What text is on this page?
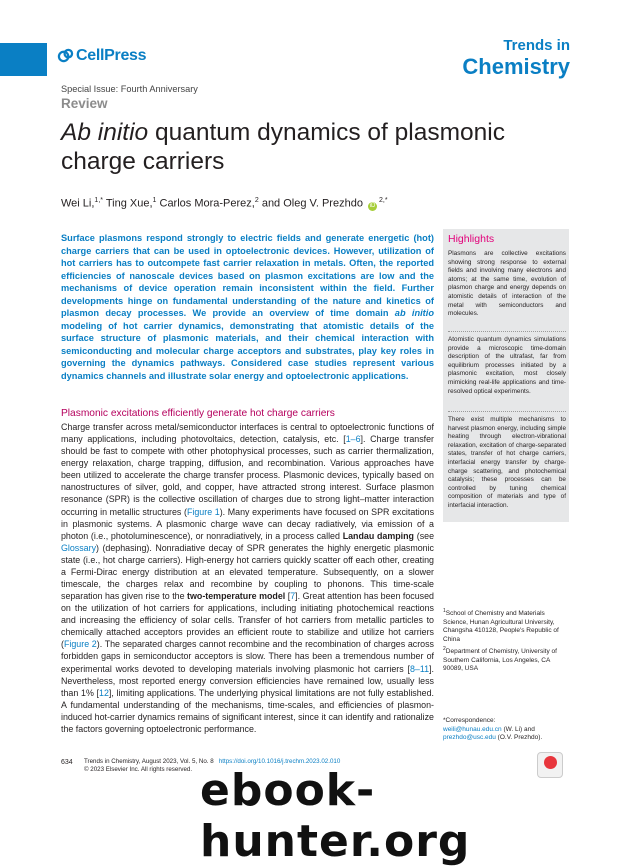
CellPress
Trends in
Chemistry
Special Issue: Fourth Anniversary
Review
Ab initio quantum dynamics of plasmonic charge carriers
Wei Li,$^{1,*}$ Ting Xue,$^1$ Carlos Mora-Perez,$^2$ and Oleg V. Prezhdo $iD^{2,*}$
Surface plasmons respond strongly to electric fields and generate energetic (hot) charge carriers that can be used in optoelectronic devices. However, utilization of hot carriers has to outcompete fast carrier relaxation in metals. Often, the reported efficiencies of nanoscale devices based on plasmon excitations are low and the mechanisms of device operation remain inconsistent within the field. Further developments hinge on fundamental understanding of the nature and kinetics of plasmon decay processes. We provide an overview of time domain ab initio modeling of hot carrier dynamics, demonstrating that atomistic details of the surface structure of plasmonic materials, and their chemical interaction with semiconducting and molecular charge acceptors and substrates, play key roles in governing the dynamics pathways. Considered case studies represent various dynamics channels and illustrate solar energy and optoelectronic applications.
Highlights
Plasmons are collective excitations showing strong response to external fields and involving many electrons and atoms; at the same time, evolution of plasmon charge and energy depends on atomistic details of interaction of the metal with semiconductors and molecules.
Atomistic quantum dynamics simulations provide a microscopic time-domain description of the ultrafast, far from equilibrium processes initiated by a plasmonic excitation, most closely mimicking real-life applications and time-resolved optical experiments.
There exist multiple mechanisms to harvest plasmon energy, including simple heating through electron-vibrational relaxation, excitation of charge-separated states, transfer of hot charge carriers, interfacial energy transfer by charge-charge scattering, and photochemical catalysis; these processes can be controlled by tuning chemical composition of materials and type of interfacial interaction.
Plasmonic excitations efficiently generate hot charge carriers
Charge transfer across metal/semiconductor interfaces is central to optoelectronic functions of many applications, including photovoltaics, detection, catalysis, etc. [1–6]. Charge transfer should be fast to compete with other photophysical processes, such as carrier thermalization, energy relaxation, charge trapping, diffusion, and recombination. Various approaches have been utilized to accelerate the charge transfer process. Plasmonic devices, typically based on nanostructures of silver, gold, and copper, have attracted strong interest. Surface plasmon resonance (SPR) is the collective oscillation of charges due to strong light–matter interaction occurring in metallic structures (Figure 1). Many experiments have focused on SPR excitations in plasmonic systems. A plasmonic charge wave can decay radiatively, via emission of a photon (i.e., photoluminescence), or nonradiatively, in a process called Landau damping (see Glossary) (dephasing). Nonradiative decay of SPR generates the highly energetic plasmonic state (i.e., hot charge carriers). High-energy hot carriers quickly scatter off each other, creating a Fermi-Dirac energy distribution at an elevated temperature. Subsequently, on a slower timescale, the charges relax and recombine by coupling to phonons. This time-scale separation has given rise to the two-temperature model [7]. Great attention has been focused on the utilization of hot carriers for applications, including initiating photochemical reactions and increasing the efficiency of solar cells. Transfer of hot carriers from metallic particles to chemically attached acceptors provides an efficient route to stabilize and utilize hot carriers (Figure 2). The separated charges cannot recombine and the recombination of charges across forbidden gaps in semiconductor acceptors is slow. There has been a tremendous number of experimental works devoted to developing materials involving plasmonic hot carriers [8–11]. Nevertheless, most reported energy conversion efficiencies have remained low, usually less than 1% [12], limiting applications. The underlying physical limitations are not fully established. A fundamental understanding of the mechanisms, time-scales, and efficiencies of plasmon-induced hot-carrier dynamics remains of significant interest, since it can identify and rationalize the factors governing optoelectronic performance.
$^1$School of Chemistry and Materials Science, Hunan Agricultural University, Changsha 410128, People's Republic of China
$^2$Department of Chemistry, University of Southern California, Los Angeles, CA 90089, USA
*Correspondence:
weili@hunau.edu.cn (W. Li) and
prezhdo@usc.edu (O.V. Prezhdo).
634 Trends in Chemistry, August 2023, Vol. 5, No. 8 https://doi.org/10.1016/j.trechm.2023.02.010
© 2023 Elsevier Inc. All rights reserved. ebook-hunter.org
